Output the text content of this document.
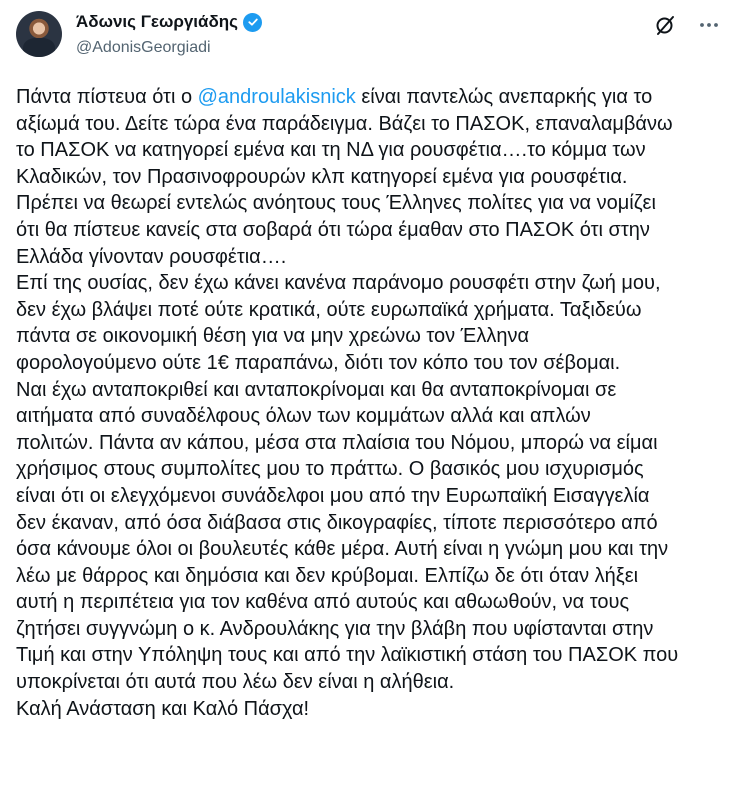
Άδωνις Γεωργιάδης
@AdonisGeorgiadi
Πάντα πίστευα ότι ο @androulakisnick είναι παντελώς ανεπαρκής για το
αξίωμά του. Δείτε τώρα ένα παράδειγμα. Βάζει το ΠΑΣΟΚ, επαναλαμβάνω
το ΠΑΣΟΚ να κατηγορεί εμένα και τη ΝΔ για ρουσφέτια….το κόμμα των
Κλαδικών, τον Πρασινοφρουρών κλπ κατηγορεί εμένα για ρουσφέτια.
Πρέπει να θεωρεί εντελώς ανόητους τους Έλληνες πολίτες για να νομίζει
ότι θα πίστευε κανείς στα σοβαρά ότι τώρα έμαθαν στο ΠΑΣΟΚ ότι στην
Ελλάδα γίνονταν ρουσφέτια….
Επί της ουσίας, δεν έχω κάνει κανένα παράνομο ρουσφέτι στην ζωή μου,
δεν έχω βλάψει ποτέ ούτε κρατικά, ούτε ευρωπαϊκά χρήματα. Ταξιδεύω
πάντα σε οικονομική θέση για να μην χρεώνω τον Έλληνα
φορολογούμενο ούτε 1€ παραπάνω, διότι τον κόπο του τον σέβομαι.
Ναι έχω ανταποκριθεί και ανταποκρίνομαι και θα ανταποκρίνομαι σε
αιτήματα από συναδέλφους όλων των κομμάτων αλλά και απλών
πολιτών. Πάντα αν κάπου, μέσα στα πλαίσια του Νόμου, μπορώ να είμαι
χρήσιμος στους συμπολίτες μου το πράττω. Ο βασικός μου ισχυρισμός
είναι ότι οι ελεγχόμενοι συνάδελφοι μου από την Ευρωπαϊκή Εισαγγελία
δεν έκαναν, από όσα διάβασα στις δικογραφίες, τίποτε περισσότερο από
όσα κάνουμε όλοι οι βουλευτές κάθε μέρα. Αυτή είναι η γνώμη μου και την
λέω με θάρρος και δημόσια και δεν κρύβομαι. Ελπίζω δε ότι όταν λήξει
αυτή η περιπέτεια για τον καθένα από αυτούς και αθωωθούν, να τους
ζητήσει συγγνώμη ο κ. Ανδρουλάκης για την βλάβη που υφίστανται στην
Τιμή και στην Υπόληψη τους και από την λαϊκιστική στάση του ΠΑΣΟΚ που
υποκρίνεται ότι αυτά που λέω δεν είναι η αλήθεια.
Καλή Ανάσταση και Καλό Πάσχα!
